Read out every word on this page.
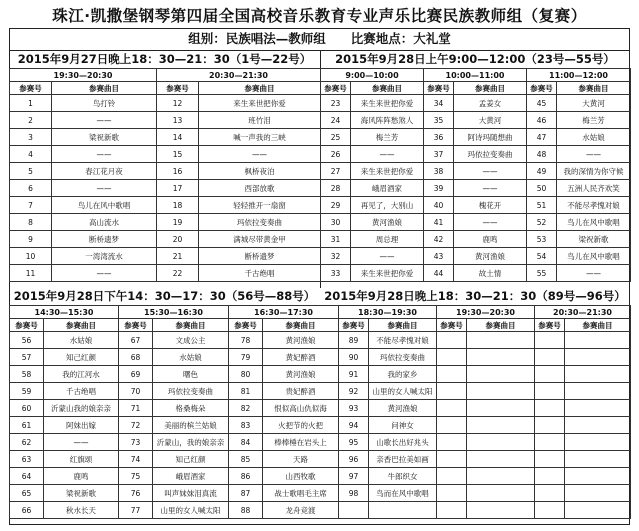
珠江·凯撒堡钢琴第四届全国高校音乐教育专业声乐比赛民族教师组（复赛）
组别：民族唱法—教师组　　比赛地点：大礼堂
2015年9月27日晚上18：30—21：30（1号—22号）	2015年9月28日上午9:00—12:00（23号—55号）
19:30—20:30		20:30—21:30	
参赛号	参赛曲目	参赛号	参赛曲目
1	鸟打铃	12	来生来世把你爱
2	——	13	班竹泪
3	梁祝新歌	14	喊一声我的三峡
4	——	15	——
5	春江花月夜	16	枫桥夜泊
6	——	17	西部放歌
7	鸟儿在风中歌唱	18	轻轻推开一扇窗
8	高山流水	19	玛依拉变奏曲
9	断桥遗梦	20	满城尽带黄金甲
10	一湾湾流水	21	断桥遗梦
11	——	22	千古绝唱
9:00—10:00		10:00—11:00		11:00—12:00	
参赛号	参赛曲目	参赛号	参赛曲目	参赛号	参赛曲目
23	来生来世把你爱	34	孟姜女	45	大黄河
24	海风阵阵愁煞人	35	大黄河	46	梅兰芳
25	梅兰芳	36	阿诗玛随想曲	47	水姑娘
26	——	37	玛依拉变奏曲	48	——
27	来生来世把你爱	38	——	49	我的深情为你守候
28	峨眉酒家	39	——	50	五洲人民齐欢笑
29	再见了，大别山	40	槐花开	51	不能尽孝愧对娘
30	黄河渔娘	41	——	52	鸟儿在风中歌唱
31	周总理	42	鹿鸣	53	梁祝新歌
32	——	43	黄河渔娘	54	鸟儿在风中歌唱
33	来生来世把你爱	44	故土情	55	——
2015年9月28日下午14：30—17：30（56号—88号） 2015年9月28日晚上18：30—21：30（89号—96号）
14:30—15:30		15:30—16:30		16:30—17:30	
参赛号	参赛曲目	参赛号	参赛曲目	参赛号	参赛曲目
56	水姑娘	67	文成公主	78	黄河渔娘
57	知己红颜	68	水姑娘	79	黄妃醉酒
58	我的江河水	69	曙色	80	黄河渔娘
59	千古绝唱	70	玛依拉变奏曲	81	贵妃醉酒
60	沂蒙山我的娘亲亲	71	格桑梅朵	82	恨似高山仇似海
61	阿妹出嫁	72	美丽的槟兰姑娘	83	火把节的火把
62	——	73	沂蒙山，我的娘亲亲	84	棒棒棰在岩头上
63	红旗颂	74	知己红颜	85	天路
64	鹿鸣	75	峨眉酒家	86	山西牧歌
65	梁祝新歌	76	叫声妹妹泪真流	87	战士歌唱毛主席
66	秋水长天	77	山里的女人喊太阳	88	龙舟竞渡
18:30—19:30		19:30—20:30		20:30—21:30	
参赛号	参赛曲目	参赛号	参赛曲目	参赛号	参赛曲目
89	不能尽孝愧对娘				
90	玛依拉变奏曲				
91	我的家乡				
92	山里的女人喊太阳				
93	黄河渔娘				
94	问神女				
95	山歌长出好兆头				
96	亲香巴拉美如画				
97	牛郎织女				
98	鸟而在风中歌唱				
